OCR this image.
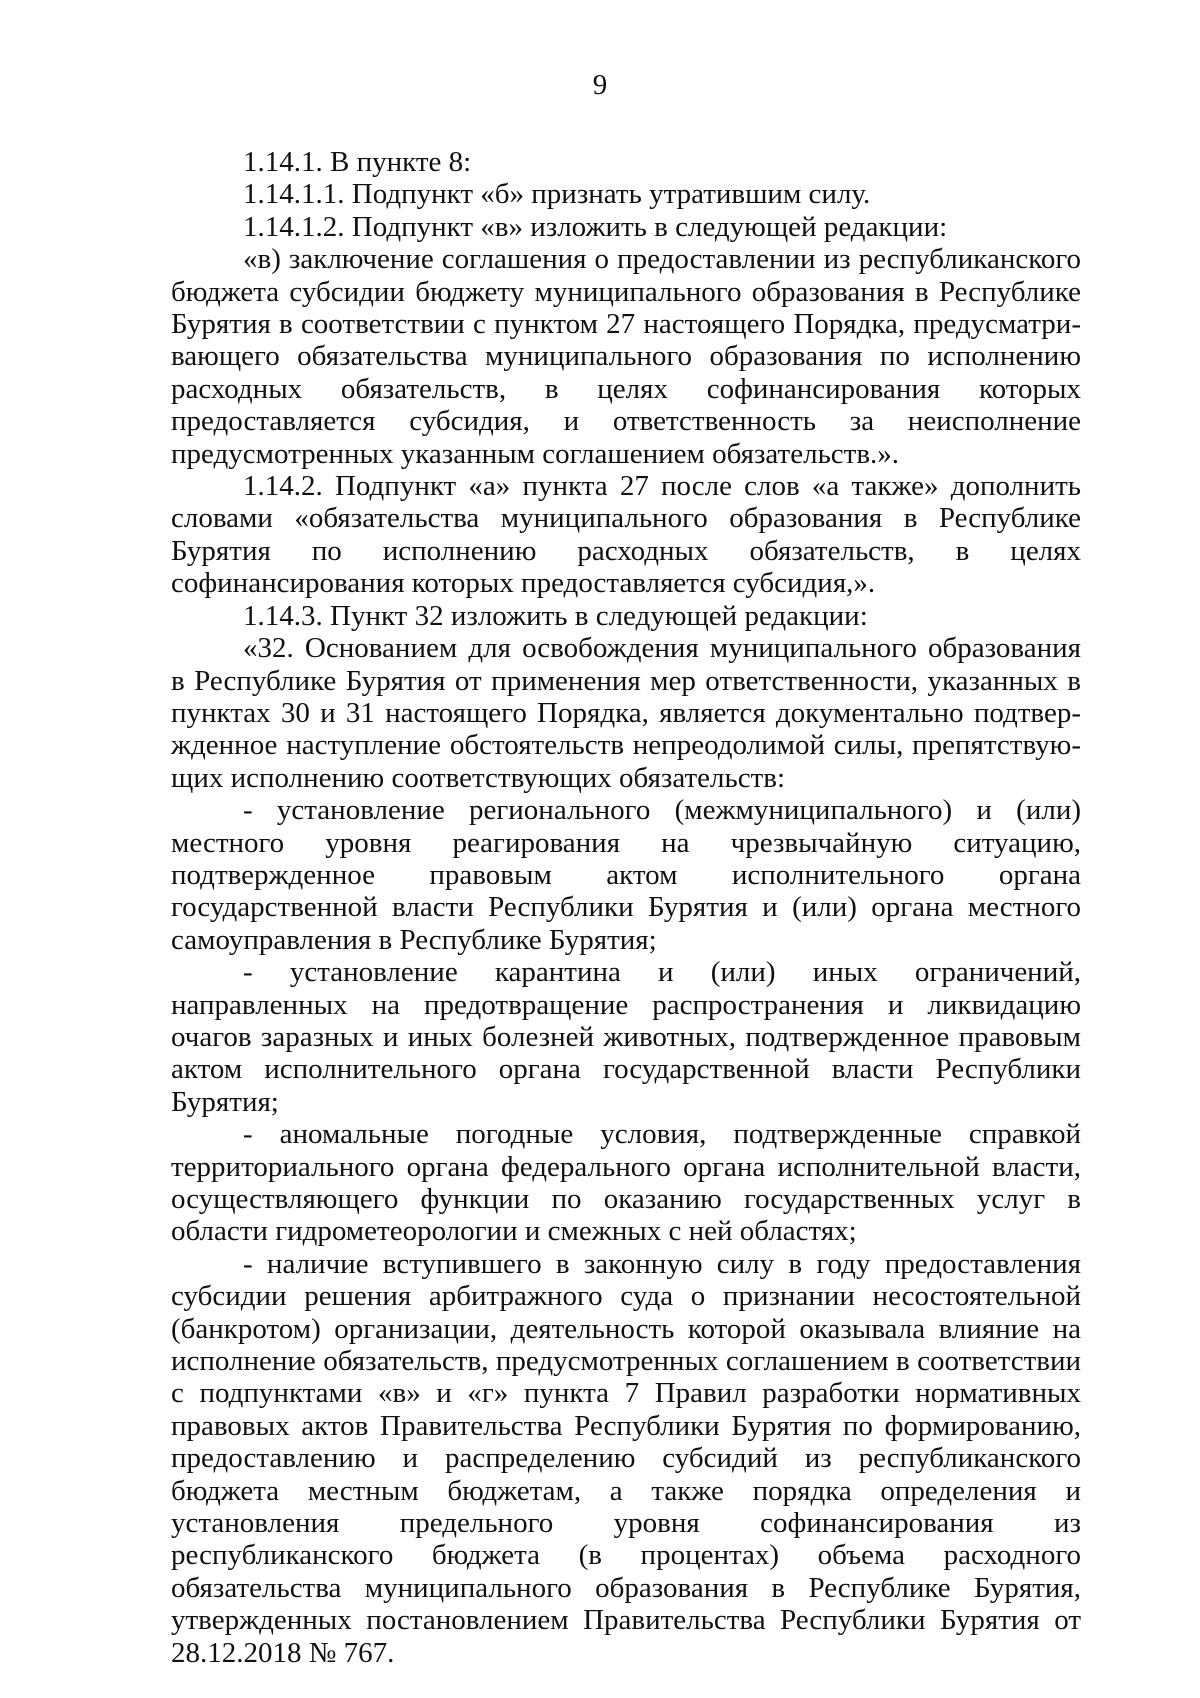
9

1.14.1. В пункте 8:

1.14.1.1. Подпункт «б» признать утратившим силу.

1.14.1.2. Подпункт «в» изложить в следующей редакции:

«в) заключение соглашения о предоставлении из республиканского бюджета субсидии бюджету муниципального образования в Республике Бурятия в соответствии с пунктом 27 настоящего Порядка, предусматривающего обязательства муниципального образования по исполнению расходных обязательств, в целях софинансирования которых предоставляется субсидия, и ответственность за неисполнение предусмотренных указанным соглашением обязательств.».

1.14.2. Подпункт «а» пункта 27 после слов «а также» дополнить словами «обязательства муниципального образования в Республике Бурятия по исполнению расходных обязательств, в целях софинансирования которых предоставляется субсидия,».

1.14.3. Пункт 32 изложить в следующей редакции:

«32. Основанием для освобождения муниципального образования в Республике Бурятия от применения мер ответственности, указанных в пунктах 30 и 31 настоящего Порядка, является документально подтвержденное наступление обстоятельств непреодолимой силы, препятствующих исполнению соответствующих обязательств:

- установление регионального (межмуниципального) и (или) местного уровня реагирования на чрезвычайную ситуацию, подтвержденное правовым актом исполнительного органа государственной власти Республики Бурятия и (или) органа местного самоуправления в Республике Бурятия;

- установление карантина и (или) иных ограничений, направленных на предотвращение распространения и ликвидацию очагов заразных и иных болезней животных, подтвержденное правовым актом исполнительного органа государственной власти Республики Бурятия;

- аномальные погодные условия, подтвержденные справкой территориального органа федерального органа исполнительной власти, осуществляющего функции по оказанию государственных услуг в области гидрометеорологии и смежных с ней областях;

- наличие вступившего в законную силу в году предоставления субсидии решения арбитражного суда о признании несостоятельной (банкротом) организации, деятельность которой оказывала влияние на исполнение обязательств, предусмотренных соглашением в соответствии с подпунктами «в» и «г» пункта 7 Правил разработки нормативных правовых актов Правительства Республики Бурятия по формированию, предоставлению и распределению субсидий из республиканского бюджета местным бюджетам, а также порядка определения и установления предельного уровня софинансирования из республиканского бюджета (в процентах) объема расходного обязательства муниципального образования в Республике Бурятия, утвержденных постановлением Правительства Республики Бурятия от 28.12.2018 № 767.
